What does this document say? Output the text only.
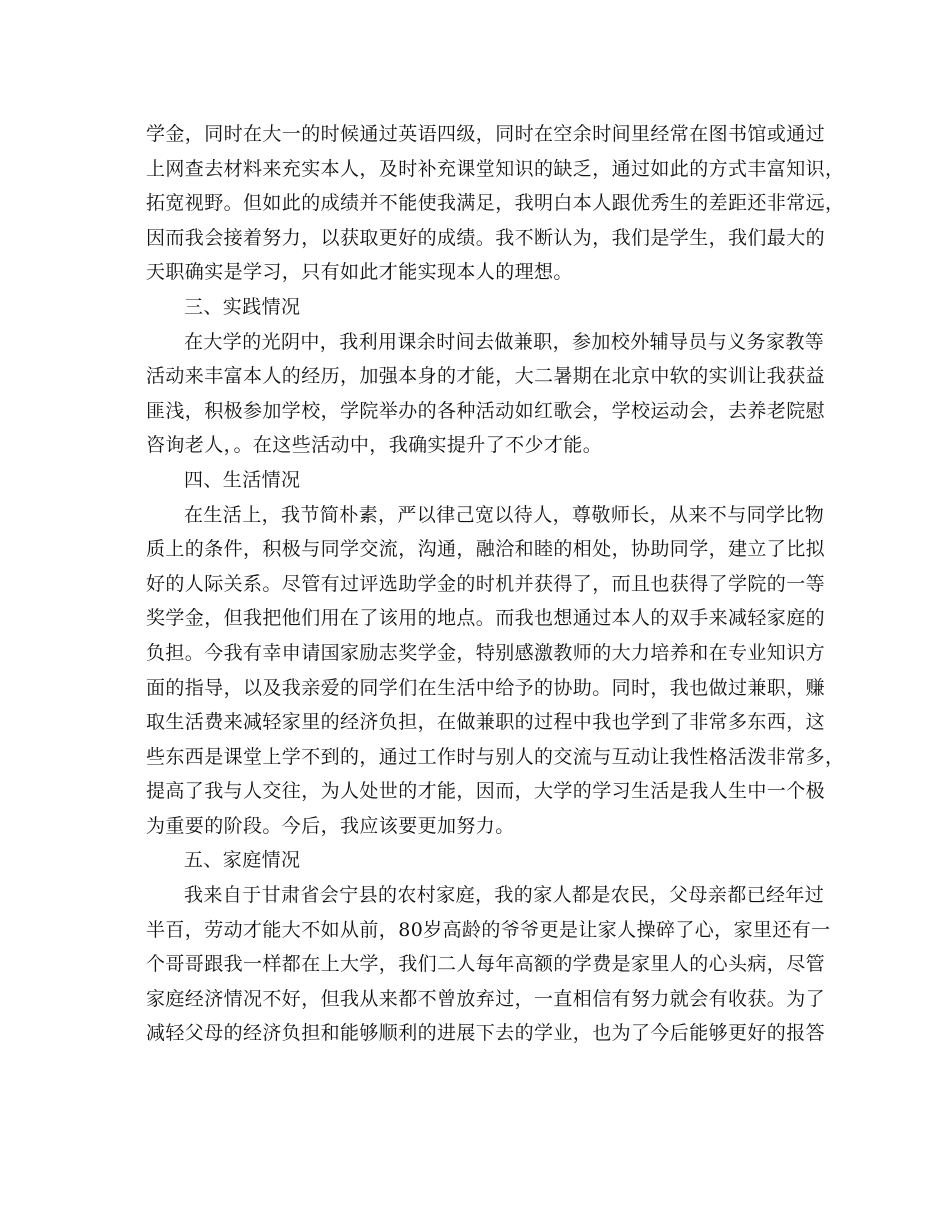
学金，同时在大一的时候通过英语四级，同时在空余时间里经常在图书馆或通过
上网查去材料来充实本人，及时补充课堂知识的缺乏，通过如此的方式丰富知识，
拓宽视野。但如此的成绩并不能使我满足，我明白本人跟优秀生的差距还非常远，
因而我会接着努力，以获取更好的成绩。我不断认为，我们是学生，我们最大的
天职确实是学习，只有如此才能实现本人的理想。
三、实践情况
在大学的光阴中，我利用课余时间去做兼职，参加校外辅导员与义务家教等
活动来丰富本人的经历，加强本身的才能，大二暑期在北京中软的实训让我获益
匪浅，积极参加学校，学院举办的各种活动如红歌会，学校运动会，去养老院慰
咨询老人，。在这些活动中，我确实提升了不少才能。
四、生活情况
在生活上，我节简朴素，严以律己宽以待人，尊敬师长，从来不与同学比物
质上的条件，积极与同学交流，沟通，融洽和睦的相处，协助同学，建立了比拟
好的人际关系。尽管有过评选助学金的时机并获得了，而且也获得了学院的一等
奖学金，但我把他们用在了该用的地点。而我也想通过本人的双手来减轻家庭的
负担。今我有幸申请国家励志奖学金，特别感激教师的大力培养和在专业知识方
面的指导，以及我亲爱的同学们在生活中给予的协助。同时，我也做过兼职，赚
取生活费来减轻家里的经济负担，在做兼职的过程中我也学到了非常多东西，这
些东西是课堂上学不到的，通过工作时与别人的交流与互动让我性格活泼非常多，
提高了我与人交往，为人处世的才能，因而，大学的学习生活是我人生中一个极
为重要的阶段。今后，我应该要更加努力。
五、家庭情况
我来自于甘肃省会宁县的农村家庭，我的家人都是农民，父母亲都已经年过
半百，劳动才能大不如从前，80岁高龄的爷爷更是让家人操碎了心，家里还有一
个哥哥跟我一样都在上大学，我们二人每年高额的学费是家里人的心头病，尽管
家庭经济情况不好，但我从来都不曾放弃过，一直相信有努力就会有收获。为了
减轻父母的经济负担和能够顺利的进展下去的学业，也为了今后能够更好的报答
